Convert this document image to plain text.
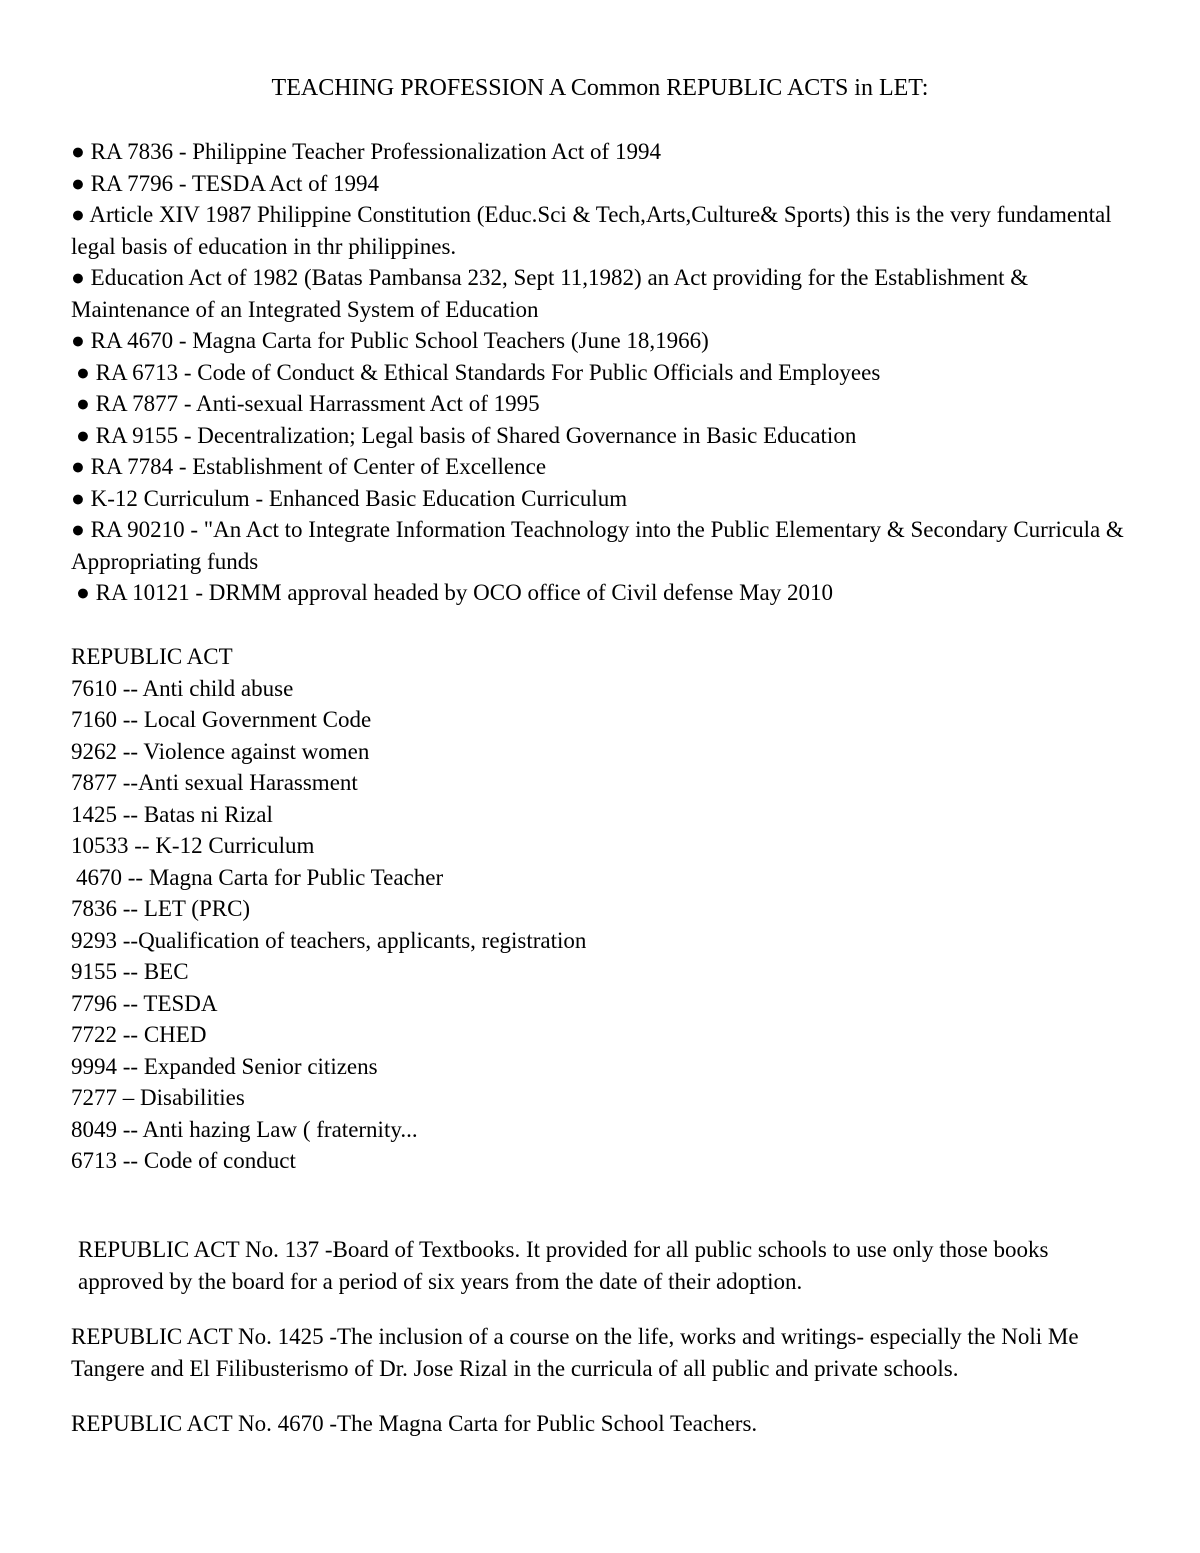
TEACHING PROFESSION A Common REPUBLIC ACTS in LET:
● RA 7836 - Philippine Teacher Professionalization Act of 1994
● RA 7796 - TESDA Act of 1994
● Article XIV 1987 Philippine Constitution (Educ.Sci & Tech,Arts,Culture& Sports) this is the very fundamental legal basis of education in thr philippines.
● Education Act of 1982 (Batas Pambansa 232, Sept 11,1982) an Act providing for the Establishment & Maintenance of an Integrated System of Education
● RA 4670 - Magna Carta for Public School Teachers (June 18,1966)
● RA 6713 - Code of Conduct & Ethical Standards For Public Officials and Employees
● RA 7877 - Anti-sexual Harrassment Act of 1995
● RA 9155 - Decentralization; Legal basis of Shared Governance in Basic Education
● RA 7784 - Establishment of Center of Excellence
● K-12 Curriculum - Enhanced Basic Education Curriculum
● RA 90210 - "An Act to Integrate Information Teachnology into the Public Elementary & Secondary Curricula & Appropriating funds
● RA 10121 - DRMM approval headed by OCO office of Civil defense May 2010
REPUBLIC ACT
7610 -- Anti child abuse
7160 -- Local Government Code
9262 -- Violence against women
7877 --Anti sexual Harassment
1425 -- Batas ni Rizal
10533 -- K-12 Curriculum
4670 -- Magna Carta for Public Teacher
7836 -- LET (PRC)
9293 --Qualification of teachers, applicants, registration
9155 -- BEC
7796 -- TESDA
7722 -- CHED
9994 -- Expanded Senior citizens
7277 – Disabilities
8049 -- Anti hazing Law ( fraternity...
6713 -- Code of conduct

REPUBLIC ACT No. 137 -Board of Textbooks. It provided for all public schools to use only those books approved by the board for a period of six years from the date of their adoption.

REPUBLIC ACT No. 1425 -The inclusion of a course on the life, works and writings- especially the Noli Me Tangere and El Filibusterismo of Dr. Jose Rizal in the curricula of all public and private schools.

REPUBLIC ACT No. 4670 -The Magna Carta for Public School Teachers.
